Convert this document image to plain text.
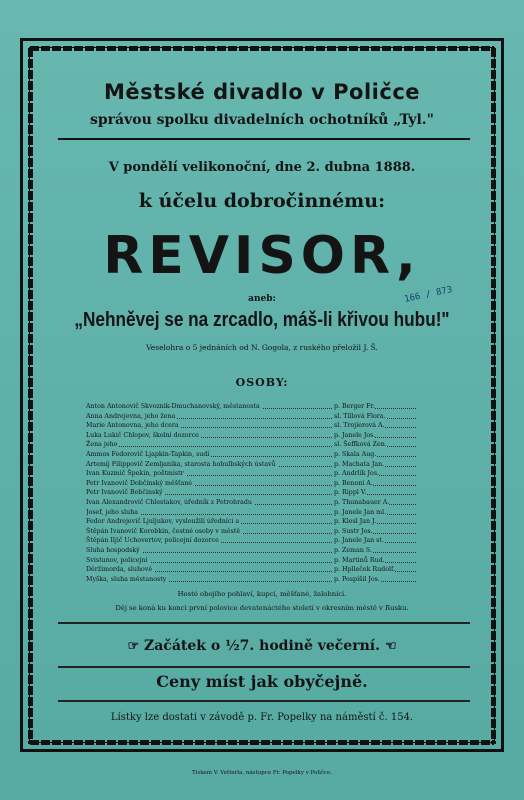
Městské divadlo v Poličce
správou spolku divadelních ochotníků „Tyl."
V pondělí velikonoční, dne 2. dubna 1888.
k účelu dobročinnému:
REVISOR,
aneb:
„Nehněvej se na zrcadlo, máš-li křivou hubu!"
Veselohra o 5 jednáních od N. Gogola, z ruského přeložil J. Š.
166 / 873
OSOBY:
Anton Antonovič Skvoznik-Dmuchanovský, městanosta	p. Berger Fr.
Anna Andrejevna, jeho žena	sl. Tillová Flora.
Marie Antonovna, jeho dcera	sl. Trojíerová A.
Luka Lukič Chlopov, školní dozorce	p. Janele Jos.
Žena jeho	sl. Šeffková Zen.
Ammos Fedorovič Ljapkin-Tapkin, sudí	p. Skala Aug.
Artemij Filippovič Zemljanika, starosta hobulbských ústavů	p. Machata Jan.
Ivan Kuzmič Špekin, poštmistr	p. Andrlík Jos.
Petr Ivanovič Dobčinský měšťané	p. Benoni A.
Petr Ivanovič Bobčinský	p. Rippl V.
Ivan Alexandrovič Chlestakov, úředník z Petrohradu	p. Thunabauer A.
Josef, jeho sluha	p. Janele Jan ml.
Fedor Andrejevič Ljuljukov, vysloužilí úředníci a	p. Klesl Jan J.
Štěpán Ivanovič Korobkin, čestné osoby v městě	p. Sustr Jos.
Štěpán Iljič Uchovertov, policejní dozorce	p. Janele Jan st.
Sluha hospodský	p. Zeman S.
Svistunov, policejní	p. Martinů Rud.
Děržimorda, sluhové	p. Hplleček Rudolf.
Myška, sluha městanosty	p. Pospíšil Jos.
Hosté obojího pohlaví, kupci, měšťané, žalobníci.
Děj se koná ku konci první polovice devatenáctého století v okresním městě v Rusku.
☞ Začátek o ½7. hodině večerní. ☜
Ceny míst jak obyčejně.
Lístky lze dostati v závodě p. Fr. Popelky na náměstí č. 154.
Tiskem V. Vetterla, nástupce Fr. Popelky v Poličce.
